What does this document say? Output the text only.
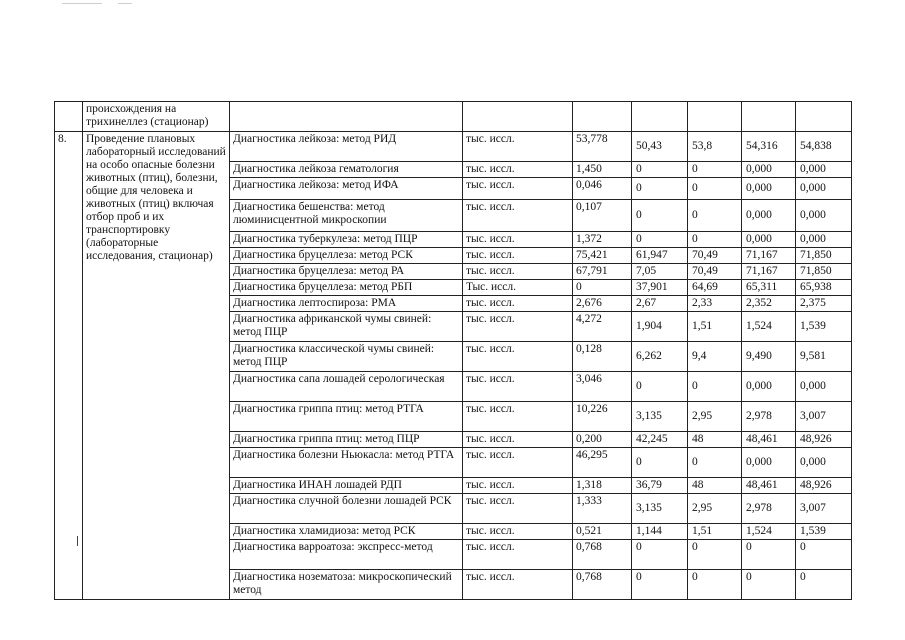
	происхождения на трихинеллез (стационар)							
8.	Проведение плановых лабораторный исследований на особо опасные болезни животных (птиц), болезни, общие для человека и животных (птиц) включая отбор проб и их транспортировку (лабораторные исследования, стационар)	Диагностика лейкоза: метод РИД	тыс. иссл.	53,778	50,43	53,8	54,316	54,838
		Диагностика лейкоза гематология	тыс. иссл.	1,450	0	0	0,000	0,000
		Диагностика лейкоза: метод ИФА	тыс. иссл.	0,046	0	0	0,000	0,000
		Диагностика бешенства: метод люминисцентной микроскопии	тыс. иссл.	0,107	0	0	0,000	0,000
		Диагностика туберкулеза: метод ПЦР	тыс. иссл.	1,372	0	0	0,000	0,000
		Диагностика бруцеллеза: метод РСК	тыс. иссл.	75,421	61,947	70,49	71,167	71,850
		Диагностика бруцеллеза: метод РА	тыс. иссл.	67,791	7,05	70,49	71,167	71,850
		Диагностика бруцеллеза: метод РБП	Тыс. иссл.	0	37,901	64,69	65,311	65,938
		Диагностика лептоспироза: РМА	тыс. иссл.	2,676	2,67	2,33	2,352	2,375
		Диагностика африканской чумы свиней: метод ПЦР	тыс. иссл.	4,272	1,904	1,51	1,524	1,539
		Диагностика классической чумы свиней: метод ПЦР	тыс. иссл.	0,128	6,262	9,4	9,490	9,581
		Диагностика сапа лошадей серологическая	тыс. иссл.	3,046	0	0	0,000	0,000
		Диагностика гриппа птиц: метод РТГА	тыс. иссл.	10,226	3,135	2,95	2,978	3,007
		Диагностика гриппа птиц: метод ПЦР	тыс. иссл.	0,200	42,245	48	48,461	48,926
		Диагностика болезни Ньюкасла: метод РТГА	тыс. иссл.	46,295	0	0	0,000	0,000
		Диагностика ИНАН лошадей РДП	тыс. иссл.	1,318	36,79	48	48,461	48,926
		Диагностика случной болезни лошадей РСК	тыс. иссл.	1,333	3,135	2,95	2,978	3,007
		Диагностика хламидиоза: метод РСК	тыс. иссл.	0,521	1,144	1,51	1,524	1,539
		Диагностика варроатоза: экспресс-метод	тыс. иссл.	0,768	0	0	0	0
		Диагностика нозематоза: микроскопический метод	тыс. иссл.	0,768	0	0	0	0
